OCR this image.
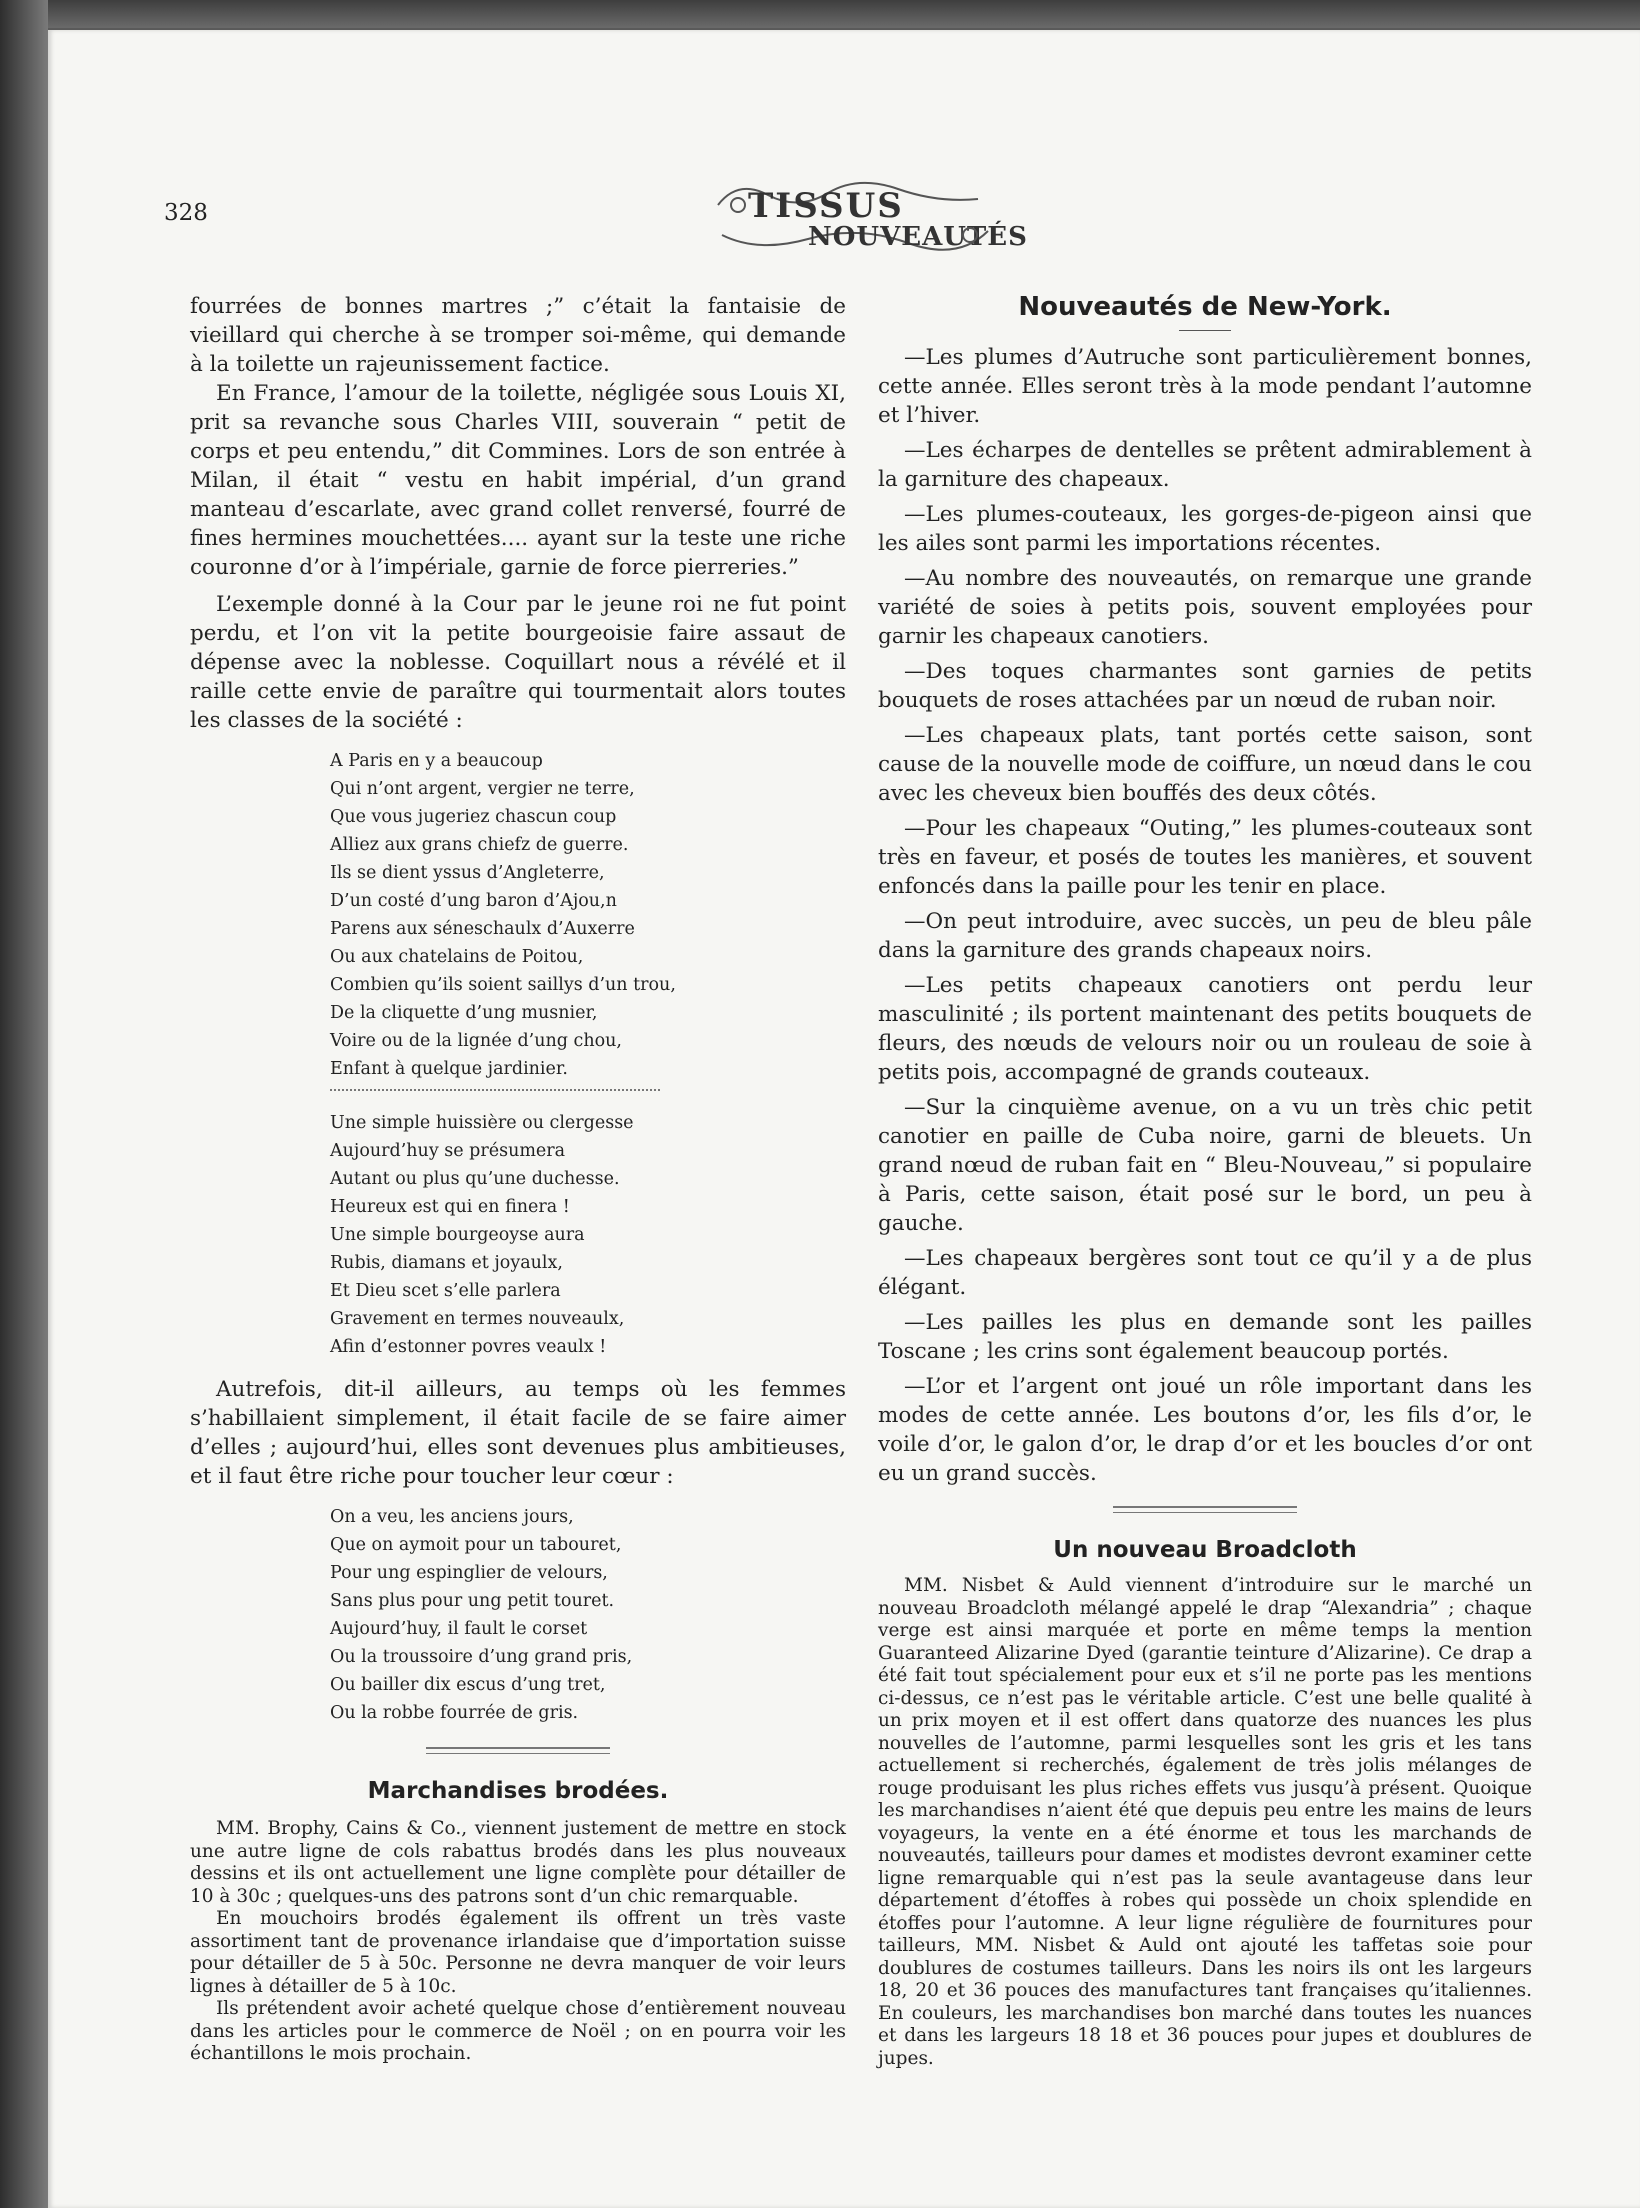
328	TISSUS
NOUVEAUTÉS

fourrées de bonnes martres ;” c’était la fantaisie de vieillard qui cherche à se tromper soi-même, qui demande à la toilette un rajeunissement factice.

En France, l’amour de la toilette, négligée sous Louis XI, prit sa revanche sous Charles VIII, souverain “ petit de corps et peu entendu,” dit Commines. Lors de son entrée à Milan, il était “ vestu en habit impérial, d’un grand manteau d’escarlate, avec grand collet renversé, fourré de fines hermines mouchettées.... ayant sur la teste une riche couronne d’or à l’impériale, garnie de force pierreries.”

L’exemple donné à la Cour par le jeune roi ne fut point perdu, et l’on vit la petite bourgeoisie faire assaut de dépense avec la noblesse. Coquillart nous a révélé et il raille cette envie de paraître qui tourmentait alors toutes les classes de la société :

A Paris en y a beaucoup
Qui n’ont argent, vergier ne terre,
Que vous jugeriez chascun coup
Alliez aux grans chiefz de guerre.
Ils se dient yssus d’Angleterre,
D’un costé d’ung baron d’Ajou,n
Parens aux séneschaulx d’Auxerre
Ou aux chatelains de Poitou,
Combien qu’ils soient saillys d’un trou,
De la cliquette d’ung musnier,
Voire ou de la lignée d’ung chou,
Enfant à quelque jardinier.
Une simple huissière ou clergesse
Aujourd’huy se présumera
Autant ou plus qu’une duchesse.
Heureux est qui en finera !
Une simple bourgeoyse aura
Rubis, diamans et joyaulx,
Et Dieu scet s’elle parlera
Gravement en termes nouveaulx,
Afin d’estonner povres veaulx !

Autrefois, dit-il ailleurs, au temps où les femmes s’habillaient simplement, il était facile de se faire aimer d’elles ; aujourd’hui, elles sont devenues plus ambitieuses, et il faut être riche pour toucher leur cœur :

On a veu, les anciens jours,
Que on aymoit pour un tabouret,
Pour ung espinglier de velours,
Sans plus pour ung petit touret.
Aujourd’huy, il fault le corset
Ou la troussoire d’ung grand pris,
Ou bailler dix escus d’ung tret,
Ou la robbe fourrée de gris.
Marchandises brodées.

MM. Brophy, Cains & Co., viennent justement de mettre en stock une autre ligne de cols rabattus brodés dans les plus nouveaux dessins et ils ont actuellement une ligne complète pour détailler de 10 à 30c ; quelques-uns des patrons sont d’un chic remarquable.

En mouchoirs brodés également ils offrent un très vaste assortiment tant de provenance irlandaise que d’importation suisse pour détailler de 5 à 50c. Personne ne devra manquer de voir leurs lignes à détailler de 5 à 10c.

Ils prétendent avoir acheté quelque chose d’entièrement nouveau dans les articles pour le commerce de Noël ; on en pourra voir les échantillons le mois prochain.

Nouveautés de New-York.

—Les plumes d’Autruche sont particulièrement bonnes, cette année. Elles seront très à la mode pendant l’automne et l’hiver.

—Les écharpes de dentelles se prêtent admirablement à la garniture des chapeaux.

—Les plumes-couteaux, les gorges-de-pigeon ainsi que les ailes sont parmi les importations récentes.

—Au nombre des nouveautés, on remarque une grande variété de soies à petits pois, souvent employées pour garnir les chapeaux canotiers.

—Des toques charmantes sont garnies de petits bouquets de roses attachées par un nœud de ruban noir.

—Les chapeaux plats, tant portés cette saison, sont cause de la nouvelle mode de coiffure, un nœud dans le cou avec les cheveux bien bouffés des deux côtés.

—Pour les chapeaux “Outing,” les plumes-couteaux sont très en faveur, et posés de toutes les manières, et souvent enfoncés dans la paille pour les tenir en place.

—On peut introduire, avec succès, un peu de bleu pâle dans la garniture des grands chapeaux noirs.

—Les petits chapeaux canotiers ont perdu leur masculinité ; ils portent maintenant des petits bouquets de fleurs, des nœuds de velours noir ou un rouleau de soie à petits pois, accompagné de grands couteaux.

—Sur la cinquième avenue, on a vu un très chic petit canotier en paille de Cuba noire, garni de bleuets. Un grand nœud de ruban fait en “ Bleu-Nouveau,” si populaire à Paris, cette saison, était posé sur le bord, un peu à gauche.

—Les chapeaux bergères sont tout ce qu’il y a de plus élégant.

—Les pailles les plus en demande sont les pailles Toscane ; les crins sont également beaucoup portés.

—L’or et l’argent ont joué un rôle important dans les modes de cette année. Les boutons d’or, les fils d’or, le voile d’or, le galon d’or, le drap d’or et les boucles d’or ont eu un grand succès.

Un nouveau Broadcloth

MM. Nisbet & Auld viennent d’introduire sur le marché un nouveau Broadcloth mélangé appelé le drap “Alexandria” ; chaque verge est ainsi marquée et porte en même temps la mention Guaranteed Alizarine Dyed (garantie teinture d’Alizarine). Ce drap a été fait tout spécialement pour eux et s’il ne porte pas les mentions ci-dessus, ce n’est pas le véritable article. C’est une belle qualité à un prix moyen et il est offert dans quatorze des nuances les plus nouvelles de l’automne, parmi lesquelles sont les gris et les tans actuellement si recherchés, également de très jolis mélanges de rouge produisant les plus riches effets vus jusqu’à présent. Quoique les marchandises n’aient été que depuis peu entre les mains de leurs voyageurs, la vente en a été énorme et tous les marchands de nouveautés, tailleurs pour dames et modistes devront examiner cette ligne remarquable qui n’est pas la seule avantageuse dans leur département d’étoffes à robes qui possède un choix splendide en étoffes pour l’automne. A leur ligne régulière de fournitures pour tailleurs, MM. Nisbet & Auld ont ajouté les taffetas soie pour doublures de costumes tailleurs. Dans les noirs ils ont les largeurs 18, 20 et 36 pouces des manufactures tant françaises qu’italiennes. En couleurs, les marchandises bon marché dans toutes les nuances et dans les largeurs 18 18 et 36 pouces pour jupes et doublures de jupes.
